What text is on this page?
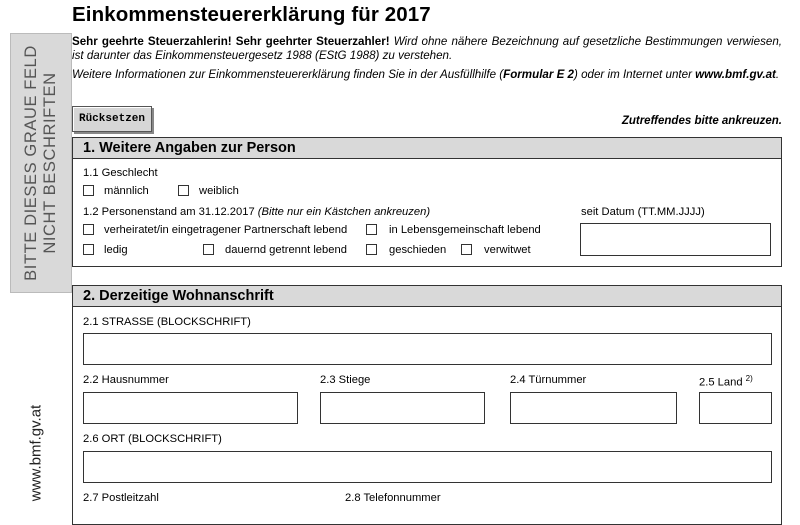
BITTE DIESES GRAUE FELD NICHT BESCHRIFTEN
www.bmf.gv.at
Einkommensteuererklärung für 2017
Sehr geehrte Steuerzahlerin! Sehr geehrter Steuerzahler! Wird ohne nähere Bezeichnung auf gesetzliche Bestimmungen verwiesen, ist darunter das Einkommensteuergesetz 1988 (EStG 1988) zu verstehen.
Weitere Informationen zur Einkommensteuererklärung finden Sie in der Ausfüllhilfe (Formular E 2) oder im Internet unter www.bmf.gv.at.
Rücksetzen	Zutreffendes bitte ankreuzen.
1. Weitere Angaben zur Person
1.1 Geschlecht
männlich	weiblich
1.2 Personenstand am 31.12.2017 (Bitte nur ein Kästchen ankreuzen)	seit Datum (TT.MM.JJJJ)
verheiratet/in eingetragener Partnerschaft lebend	in Lebensgemeinschaft lebend
ledig	dauernd getrennt lebend	geschieden	verwitwet
2. Derzeitige Wohnanschrift
2.1 STRASSE (BLOCKSCHRIFT)
2.2 Hausnummer	2.3 Stiege	2.4 Türnummer	2.5 Land $^{2)}$
2.6 ORT (BLOCKSCHRIFT)
2.7 Postleitzahl	2.8 Telefonnummer
